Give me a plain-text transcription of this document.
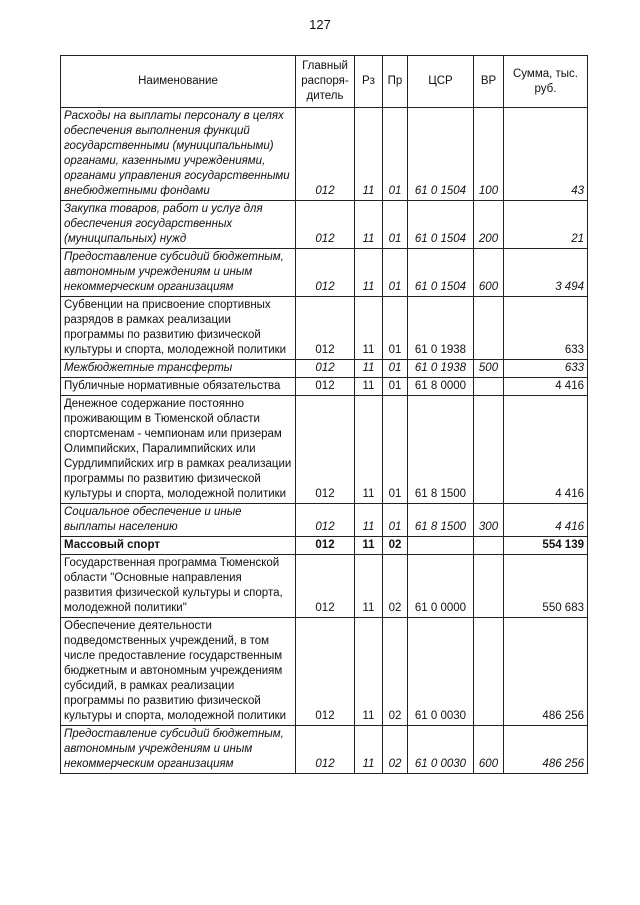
127
Наименование	Главный распоря-дитель	Рз	Пр	ЦСР	ВР	Сумма, тыс. руб.
Расходы на выплаты персоналу в целях обеспечения выполнения функций государственными (муниципальными) органами, казенными учреждениями, органами управления государственными внебюджетными фондами	012	11	01	61 0 1504	100	43
Закупка товаров, работ и услуг для обеспечения государственных (муниципальных) нужд	012	11	01	61 0 1504	200	21
Предоставление субсидий бюджетным, автономным учреждениям и иным некоммерческим организациям	012	11	01	61 0 1504	600	3 494
Субвенции на присвоение спортивных разрядов в рамках реализации программы по развитию физической культуры и спорта, молодежной политики	012	11	01	61 0 1938		633
Межбюджетные трансферты	012	11	01	61 0 1938	500	633
Публичные нормативные обязательства	012	11	01	61 8 0000		4 416
Денежное содержание постоянно проживающим в Тюменской области спортсменам - чемпионам или призерам Олимпийских, Паралимпийских или Сурдлимпийских игр в рамках реализации программы по развитию физической культуры и спорта, молодежной политики	012	11	01	61 8 1500		4 416
Социальное обеспечение и иные выплаты населению	012	11	01	61 8 1500	300	4 416
Массовый спорт	012	11	02			554 139
Государственная программа Тюменской области "Основные направления развития физической культуры и спорта, молодежной политики"	012	11	02	61 0 0000		550 683
Обеспечение деятельности подведомственных учреждений, в том числе предоставление государственным бюджетным и автономным учреждениям субсидий, в рамках реализации программы по развитию физической культуры и спорта, молодежной политики	012	11	02	61 0 0030		486 256
Предоставление субсидий бюджетным, автономным учреждениям и иным некоммерческим организациям	012	11	02	61 0 0030	600	486 256
